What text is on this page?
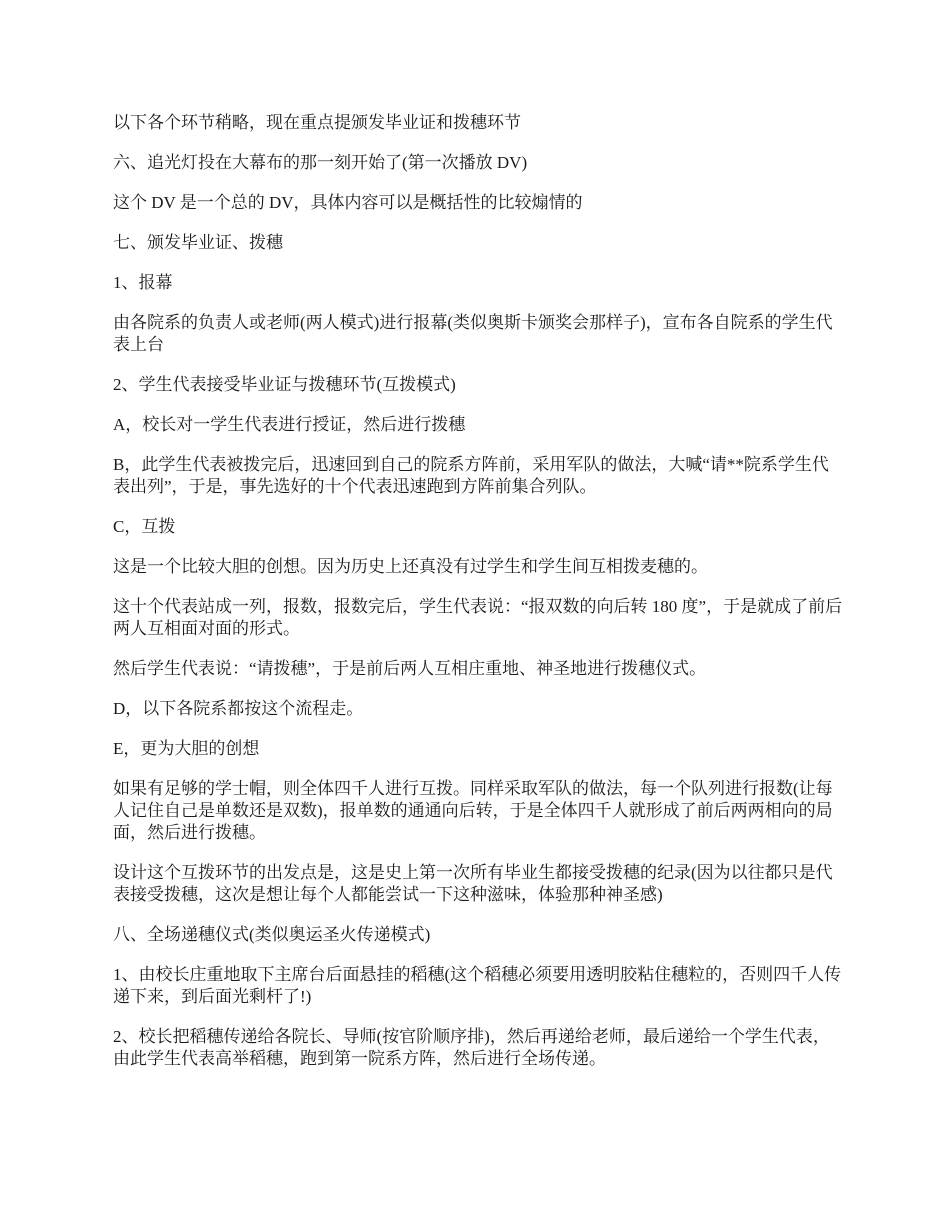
以下各个环节稍略，现在重点提颁发毕业证和拨穗环节

六、追光灯投在大幕布的那一刻开始了(第一次播放 DV)

这个 DV 是一个总的 DV，具体内容可以是概括性的比较煽情的

七、颁发毕业证、拨穗

1、报幕

由各院系的负责人或老师(两人模式)进行报幕(类似奥斯卡颁奖会那样子)，宣布各自院系的学生代表上台

2、学生代表接受毕业证与拨穗环节(互拨模式)

A，校长对一学生代表进行授证，然后进行拨穗

B，此学生代表被拨完后，迅速回到自己的院系方阵前，采用军队的做法，大喊“请**院系学生代表出列”，于是，事先选好的十个代表迅速跑到方阵前集合列队。

C，互拨

这是一个比较大胆的创想。因为历史上还真没有过学生和学生间互相拨麦穗的。

这十个代表站成一列，报数，报数完后，学生代表说：“报双数的向后转 180 度”，于是就成了前后两人互相面对面的形式。

然后学生代表说：“请拨穗”，于是前后两人互相庄重地、神圣地进行拨穗仪式。

D，以下各院系都按这个流程走。

E，更为大胆的创想

如果有足够的学士帽，则全体四千人进行互拨。同样采取军队的做法，每一个队列进行报数(让每人记住自己是单数还是双数)，报单数的通通向后转，于是全体四千人就形成了前后两两相向的局面，然后进行拨穗。

设计这个互拨环节的出发点是，这是史上第一次所有毕业生都接受拨穗的纪录(因为以往都只是代表接受拨穗，这次是想让每个人都能尝试一下这种滋味，体验那种神圣感)

八、全场递穗仪式(类似奥运圣火传递模式)

1、由校长庄重地取下主席台后面悬挂的稻穗(这个稻穗必须要用透明胶粘住穗粒的，否则四千人传递下来，到后面光剩杆了!)

2、校长把稻穗传递给各院长、导师(按官阶顺序排)，然后再递给老师，最后递给一个学生代表，由此学生代表高举稻穗，跑到第一院系方阵，然后进行全场传递。
